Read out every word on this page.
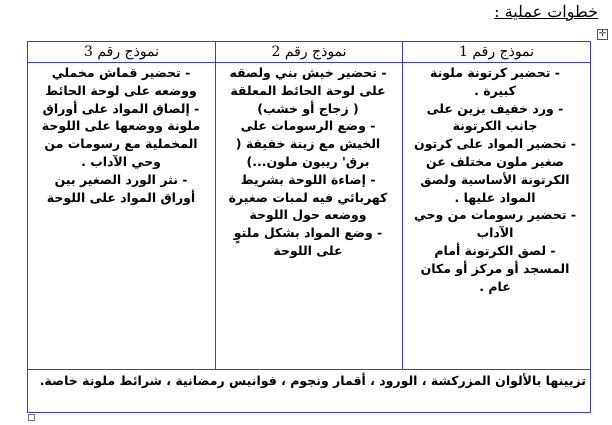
خطوات عملية :
✛
نموذج رقم 1
نموذج رقم 2
نموذج رقم 3

- تحضير كرتونة ملونة كبيرة .

- ورد خفيف يزين على جانب الكرتونة

- تحضير المواد على كرتون صغير ملون مختلف عن الكرتونة الأساسية ولصق المواد عليها .

- تحضير رسومات من وحي الآداب

- لصق الكرتونة أمام المسجد أو مركز أو مكان عام .

- تحضير خيش بني ولصقه على لوحة الحائط المعلقة ( زجاج أو خشب)

- وضع الرسومات على الخيش مع زينة خفيفة ( برق' ريبون ملون...)

- إضاءة اللوحة بشريط كهربائي فيه لمبات صغيرة ووضعه حول اللوحة

- وضع المواد بشكل ملتوٍ على اللوحة

- تحضير قماش مخملي ووضعه على لوحة الحائط

- إلصاق المواد على أوراق ملونة ووضعها على اللوحة المخملية مع رسومات من وحي الآداب .

- نثر الورد الصغير بين أوراق المواد على اللوحة

تزيينها بالألوان المزركشة ، الورود ، أقمار ونجوم ، فوانيس رمضانية ، شرائط ملونة خاصة.
